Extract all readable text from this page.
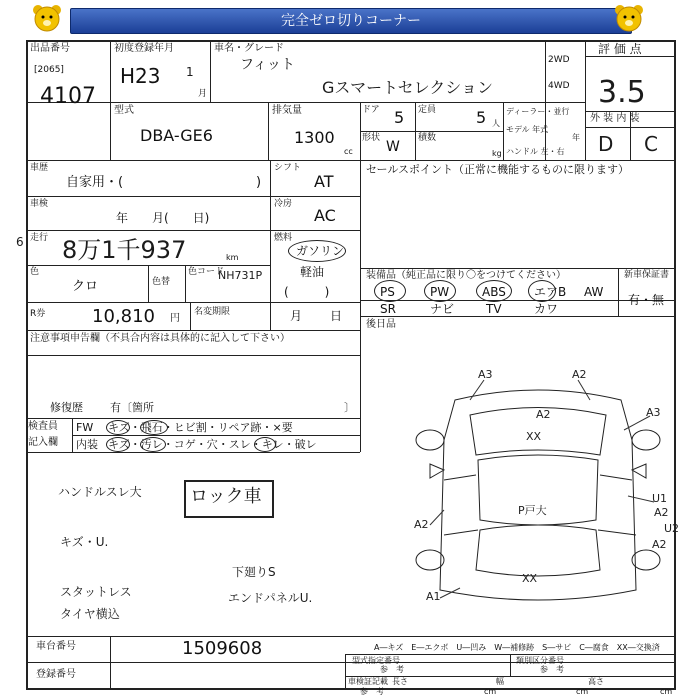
完全ゼロ切りコーナー
出品番号
[2065]
4107
初度登録年月
H23 1
月
車名・グレード
フィット
Gスマートセレクション
2WD
4WD
評 価 点
3.5
外 装 内 装
D C
型式
DBA-GE6
排気量
1300
cc
ドア 5 定員 5 人
形状
W
積数
kg
ディーラー・並行
モデル 年式
年
ハンドル 左・右
車歴
自家用・(	)
シフト
AT
車検
年　　月(　　日)
冷房
AC
走行
6 8万1千937	km
燃料
ガソリン
軽油
(　　　)
色
クロ	色替
色コード
NH731P
R券	10,810 円
名変期限	月 日
セールスポイント（正常に機能するものに限ります）
装備品（純正品に限り〇をつけてください）	新車保証書
有・無
PS	PW	ABS エアB AW
SR	ナビ	TV	カワ
後日品
注意事項申告欄（不具合内容は具体的に記入して下さい）
修復歴 有〔箇所	〕
検査員
記入欄
FW キズ・飛石・ヒビ割・リペア跡・×要
内装 キズ・汚レ・コゲ・穴・スレ・キレ・破レ
ハンドルスレ大	ロック車
キズ・U.
下廻りS
エンドパネルU.
スタットレス
タイヤ横込
A3	A2
A2
XX
A3
P戸大
U1
A2
U2
A2
A2
XX
A1
A―キズ　E―エクボ　U―凹み　W―補修跡　S―サビ　C―腐食　XX―交換済
車台番号	1509608
登録番号
型式指定番号
参　考
類別区分番号
参　考
車検証記載
参　考
長さ
cm
幅
cm
高さ
cm
